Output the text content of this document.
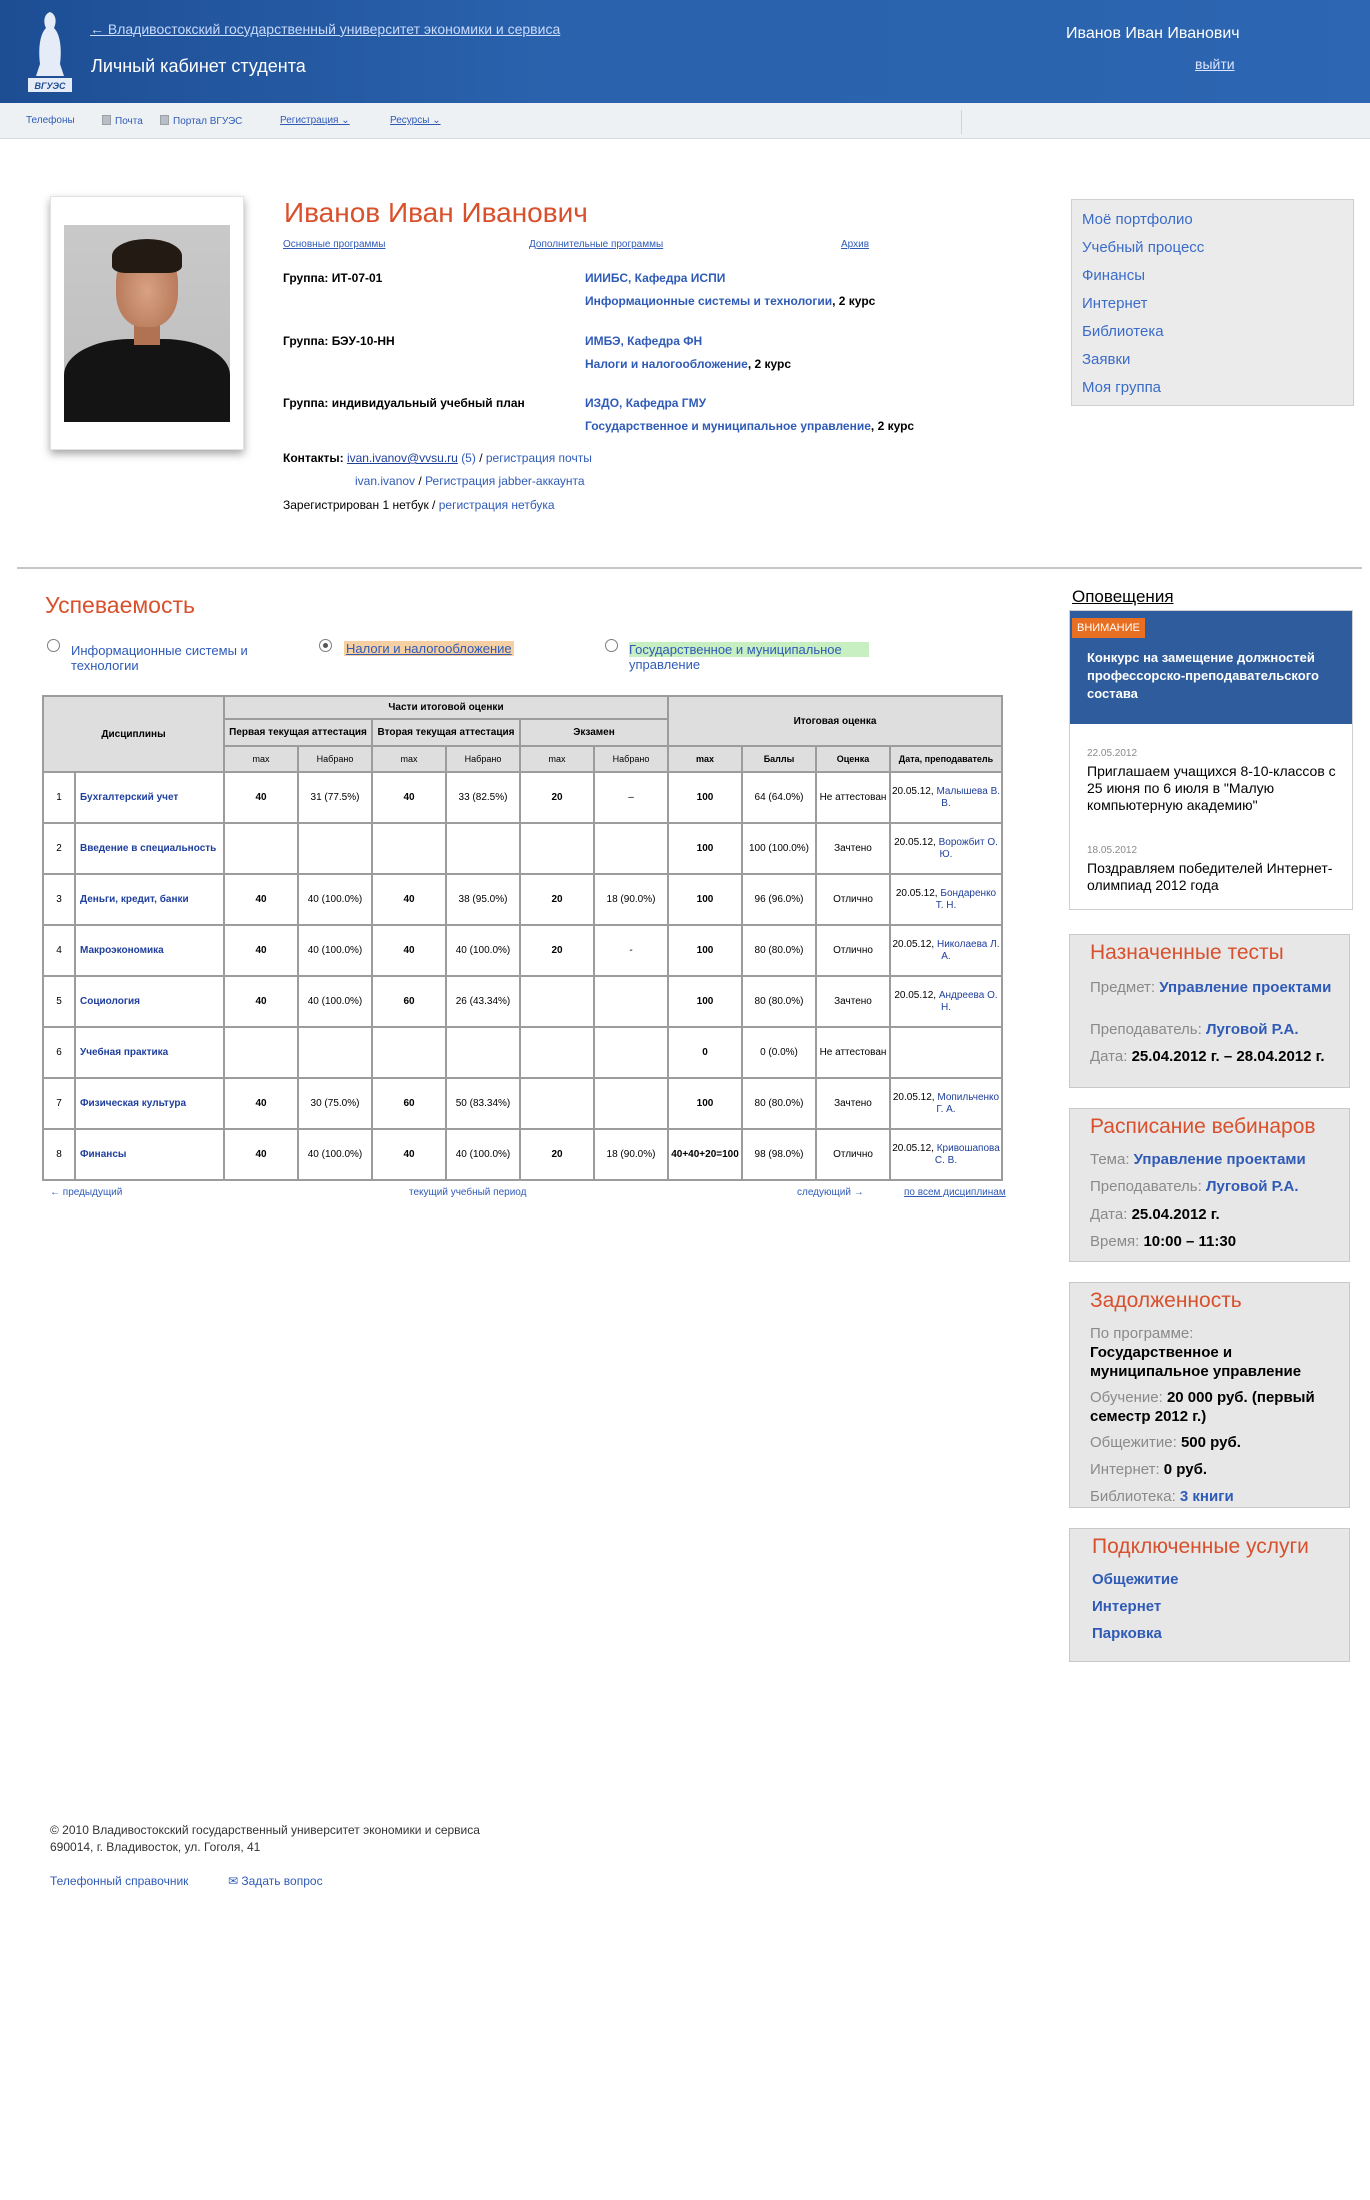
ВГУЭС
← Владивостокский государственный университет экономики и сервиса
Личный кабинет студента
Иванов Иван Иванович
выйти
Телефоны	Почта	Портал ВГУЭС	Регистрация ⌄	Ресурсы ⌄
Иванов Иван Иванович
Основные программы	Дополнительные программы	Архив
Группа: ИТ-07-01	ИИИБС, Кафедра ИСПИ
Информационные системы и технологии, 2 курс
Группа: БЭУ-10-НН	ИМБЭ, Кафедра ФН
Налоги и налогообложение, 2 курс
Группа: индивидуальный учебный план	ИЗДО, Кафедра ГМУ
Государственное и муниципальное управление, 2 курс
Контакты: ivan.ivanov@vvsu.ru (5) / регистрация почты
ivan.ivanov / Регистрация jabber-аккаунта
Зарегистрирован 1 нетбук / регистрация нетбука
Моё портфолио
Учебный процесс
Финансы
Интернет
Библиотека
Заявки
Моя группа
Успеваемость
Информационные системы и технологии
Налоги и налогообложение	Государственное и муниципальное управление
Дисциплины		Части итоговой оценки						Итоговая оценка			
		Первая текущая аттестация		Вторая текущая аттестация		Экзамен					
		max	Набрано	max	Набрано	max	Набрано	max	Баллы	Оценка	Дата, преподаватель
1	Бухгалтерский учет	40	31 (77.5%)	40	33 (82.5%)	20	–	100	64 (64.0%)	Не аттестован	20.05.12, Малышева В. В.
2	Введение в специальность							100	100 (100.0%)	Зачтено	20.05.12, Ворожбит О. Ю.
3	Деньги, кредит, банки	40	40 (100.0%)	40	38 (95.0%)	20	18 (90.0%)	100	96 (96.0%)	Отлично	20.05.12, Бондаренко Т. Н.
4	Макроэкономика	40	40 (100.0%)	40	40 (100.0%)	20	-	100	80 (80.0%)	Отлично	20.05.12, Николаева Л. А.
5	Социология	40	40 (100.0%)	60	26 (43.34%)			100	80 (80.0%)	Зачтено	20.05.12, Андреева О. Н.
6	Учебная практика							0	0 (0.0%)	Не аттестован	
7	Физическая культура	40	30 (75.0%)	60	50 (83.34%)			100	80 (80.0%)	Зачтено	20.05.12, Мопильченко Г. А.
8	Финансы	40	40 (100.0%)	40	40 (100.0%)	20	18 (90.0%)	40+40+20=100	98 (98.0%)	Отлично	20.05.12, Кривошапова С. В.
← предыдущий	текущий учебный период	следующий →	по всем дисциплинам
Оповещения
ВНИМАНИЕ
Конкурс на замещение должностей профессорско-преподавательского состава
22.05.2012
Приглашаем учащихся 8-10-классов с 25 июня по 6 июля в "Малую компьютерную академию"
18.05.2012
Поздравляем победителей Интернет-олимпиад 2012 года
Назначенные тесты
Предмет: Управление проектами
Преподаватель: Луговой Р.А.
Дата: 25.04.2012 г. – 28.04.2012 г.
Расписание вебинаров
Тема: Управление проектами
Преподаватель: Луговой Р.А.
Дата: 25.04.2012 г.
Время: 10:00 – 11:30
Задолженность
По программе:
Государственное и муниципальное управление
Обучение: 20 000 руб. (первый семестр 2012 г.)
Общежитие: 500 руб.
Интернет: 0 руб.
Библиотека: 3 книги
Подключенные услуги
Общежитие
Интернет
Парковка
© 2010 Владивостокский государственный университет экономики и сервиса
690014, г. Владивосток, ул. Гоголя, 41
Телефонный справочник	✉ Задать вопрос
